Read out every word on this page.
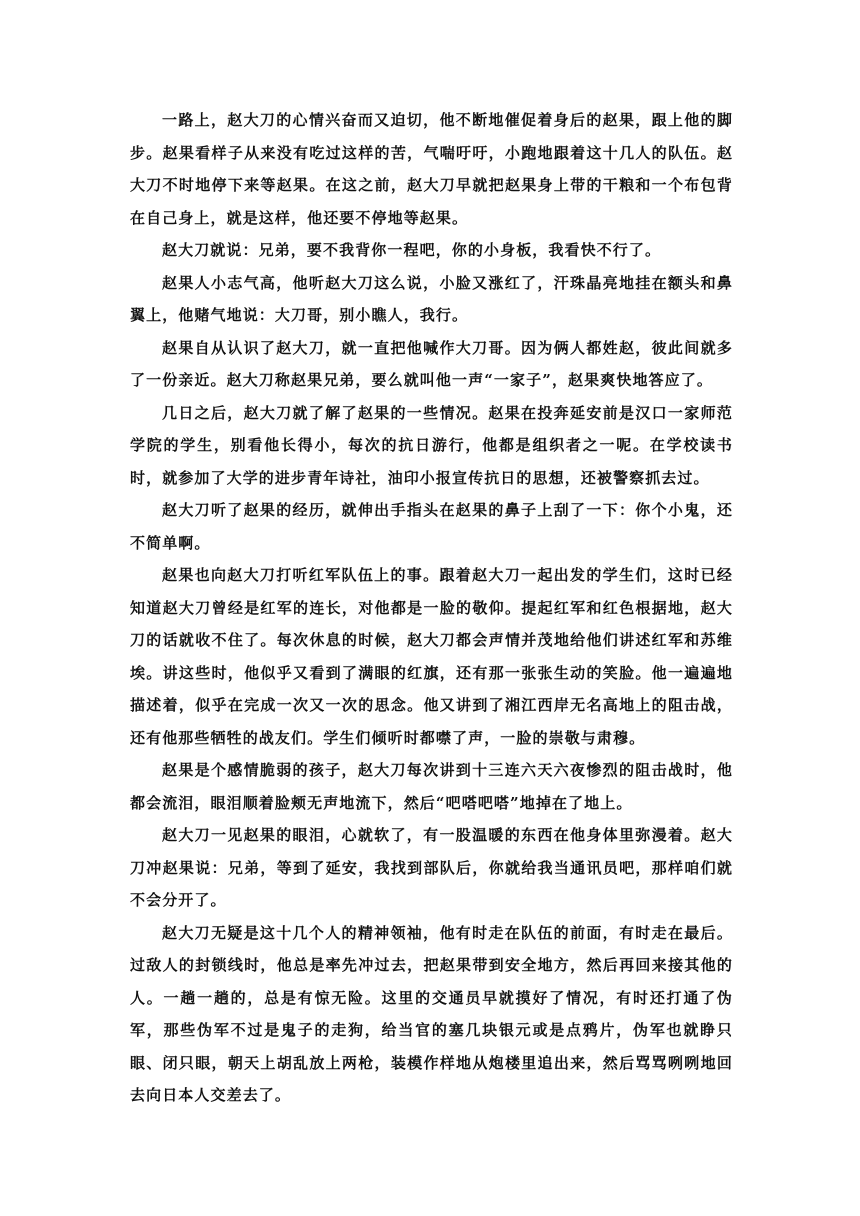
一路上，赵大刀的心情兴奋而又迫切，他不断地催促着身后的赵果，跟上他的脚步。赵果看样子从来没有吃过这样的苦，气喘吁吁，小跑地跟着这十几人的队伍。赵大刀不时地停下来等赵果。在这之前，赵大刀早就把赵果身上带的干粮和一个布包背在自己身上，就是这样，他还要不停地等赵果。

赵大刀就说：兄弟，要不我背你一程吧，你的小身板，我看快不行了。

赵果人小志气高，他听赵大刀这么说，小脸又涨红了，汗珠晶亮地挂在额头和鼻翼上，他赌气地说：大刀哥，别小瞧人，我行。

赵果自从认识了赵大刀，就一直把他喊作大刀哥。因为俩人都姓赵，彼此间就多了一份亲近。赵大刀称赵果兄弟，要么就叫他一声“一家子”，赵果爽快地答应了。

几日之后，赵大刀就了解了赵果的一些情况。赵果在投奔延安前是汉口一家师范学院的学生，别看他长得小，每次的抗日游行，他都是组织者之一呢。在学校读书时，就参加了大学的进步青年诗社，油印小报宣传抗日的思想，还被警察抓去过。

赵大刀听了赵果的经历，就伸出手指头在赵果的鼻子上刮了一下：你个小鬼，还不简单啊。

赵果也向赵大刀打听红军队伍上的事。跟着赵大刀一起出发的学生们，这时已经知道赵大刀曾经是红军的连长，对他都是一脸的敬仰。提起红军和红色根据地，赵大刀的话就收不住了。每次休息的时候，赵大刀都会声情并茂地给他们讲述红军和苏维埃。讲这些时，他似乎又看到了满眼的红旗，还有那一张张生动的笑脸。他一遍遍地描述着，似乎在完成一次又一次的思念。他又讲到了湘江西岸无名高地上的阻击战，还有他那些牺牲的战友们。学生们倾听时都噤了声，一脸的崇敬与肃穆。

赵果是个感情脆弱的孩子，赵大刀每次讲到十三连六天六夜惨烈的阻击战时，他都会流泪，眼泪顺着脸颊无声地流下，然后“吧嗒吧嗒”地掉在了地上。

赵大刀一见赵果的眼泪，心就软了，有一股温暖的东西在他身体里弥漫着。赵大刀冲赵果说：兄弟，等到了延安，我找到部队后，你就给我当通讯员吧，那样咱们就不会分开了。

赵大刀无疑是这十几个人的精神领袖，他有时走在队伍的前面，有时走在最后。过敌人的封锁线时，他总是率先冲过去，把赵果带到安全地方，然后再回来接其他的人。一趟一趟的，总是有惊无险。这里的交通员早就摸好了情况，有时还打通了伪军，那些伪军不过是鬼子的走狗，给当官的塞几块银元或是点鸦片，伪军也就睁只眼、闭只眼，朝天上胡乱放上两枪，装模作样地从炮楼里追出来，然后骂骂咧咧地回去向日本人交差去了。
